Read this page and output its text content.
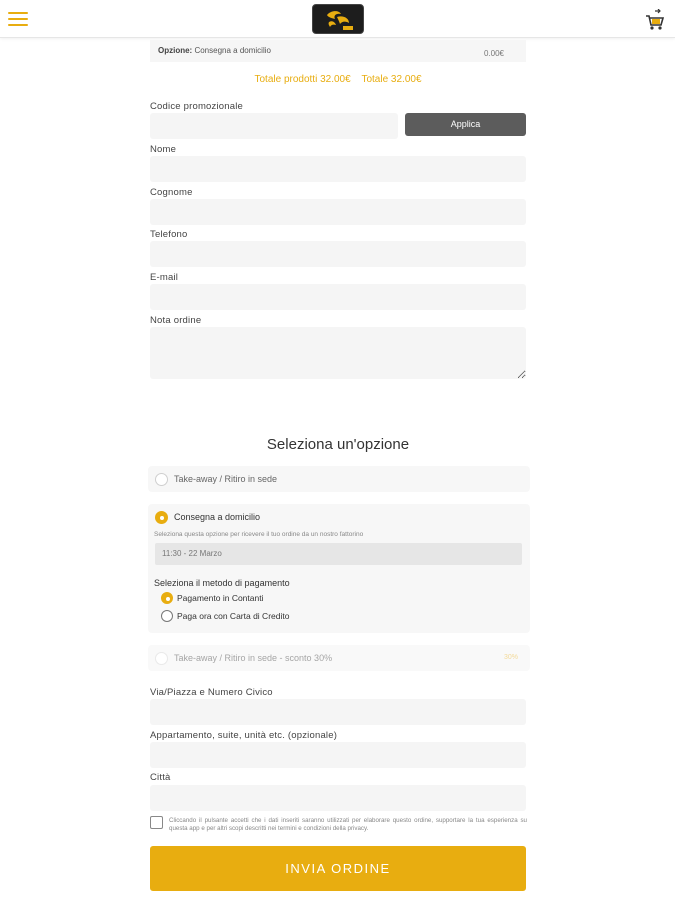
Opzione: Consegna a domicilio	0.00€
Totale prodotti 32.00€ Totale 32.00€
Codice promozionale
Applica
Nome
Cognome
Telefono
E-mail
Nota ordine
Seleziona un'opzione
Take-away / Ritiro in sede
Consegna a domicilio
Seleziona questa opzione per ricevere il tuo ordine da un nostro fattorino
11:30 - 22 Marzo
Seleziona il metodo di pagamento
Pagamento in Contanti
Paga ora con Carta di Credito
Take-away / Ritiro in sede - sconto 30%	30%
Via/Piazza e Numero Civico
Appartamento, suite, unità etc. (opzionale)
Città
Cliccando il pulsante accetti che i dati inseriti saranno utilizzati per elaborare questo ordine, supportare la tua esperienza su questa app e per altri scopi descritti nei termini e condizioni della privacy.
INVIA ORDINE
